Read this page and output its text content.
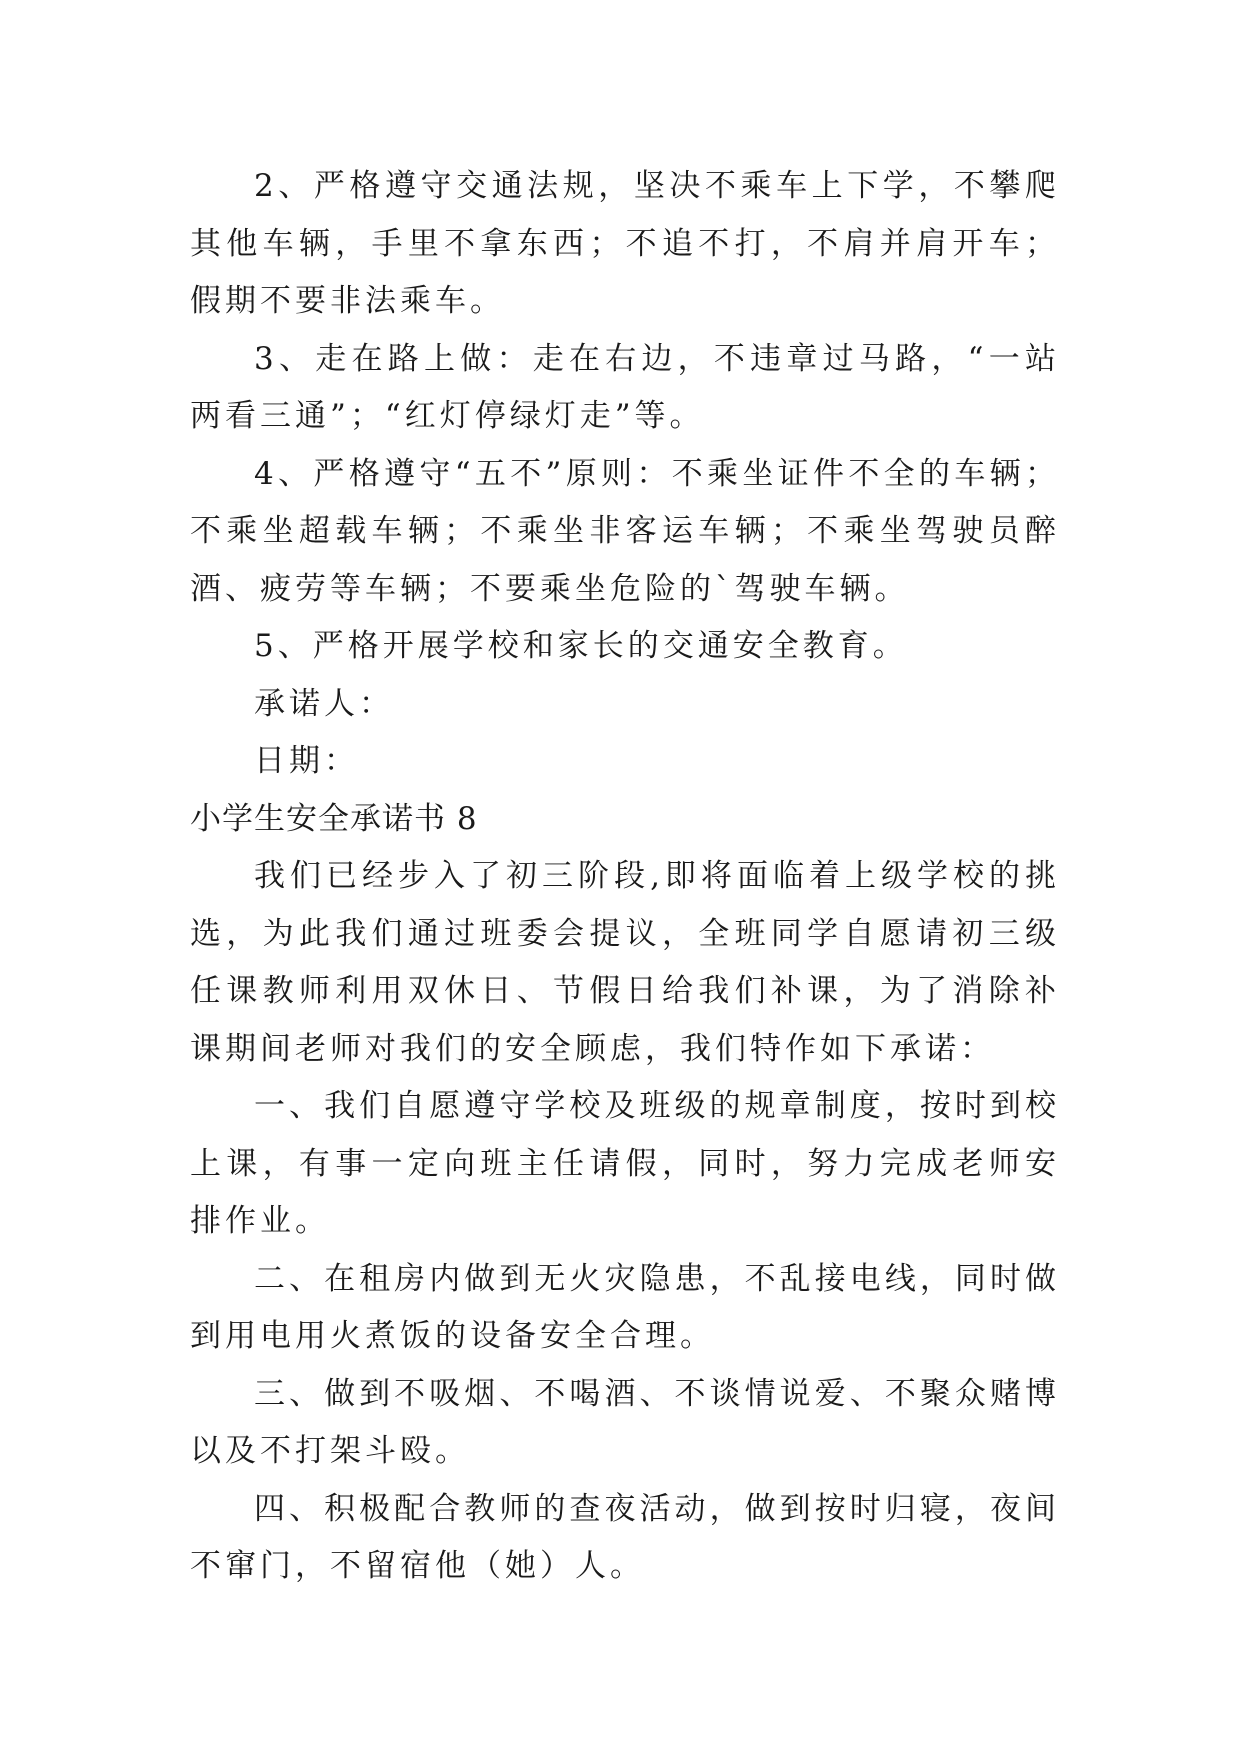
2、严格遵守交通法规，坚决不乘车上下学，不攀爬其他车辆，手里不拿东西；不追不打，不肩并肩开车；假期不要非法乘车。

3、走在路上做：走在右边，不违章过马路，“一站两看三通”；“红灯停绿灯走”等。

4、严格遵守“五不”原则：不乘坐证件不全的车辆；不乘坐超载车辆；不乘坐非客运车辆；不乘坐驾驶员醉酒、疲劳等车辆；不要乘坐危险的`驾驶车辆。

5、严格开展学校和家长的交通安全教育。

承诺人：

日期：

小学生安全承诺书 8

我们已经步入了初三阶段,即将面临着上级学校的挑选，为此我们通过班委会提议，全班同学自愿请初三级任课教师利用双休日、节假日给我们补课，为了消除补课期间老师对我们的安全顾虑，我们特作如下承诺：

一、我们自愿遵守学校及班级的规章制度，按时到校上课，有事一定向班主任请假，同时，努力完成老师安排作业。

二、在租房内做到无火灾隐患，不乱接电线，同时做到用电用火煮饭的设备安全合理。

三、做到不吸烟、不喝酒、不谈情说爱、不聚众赌博以及不打架斗殴。

四、积极配合教师的查夜活动，做到按时归寝，夜间不窜门，不留宿他（她）人。
